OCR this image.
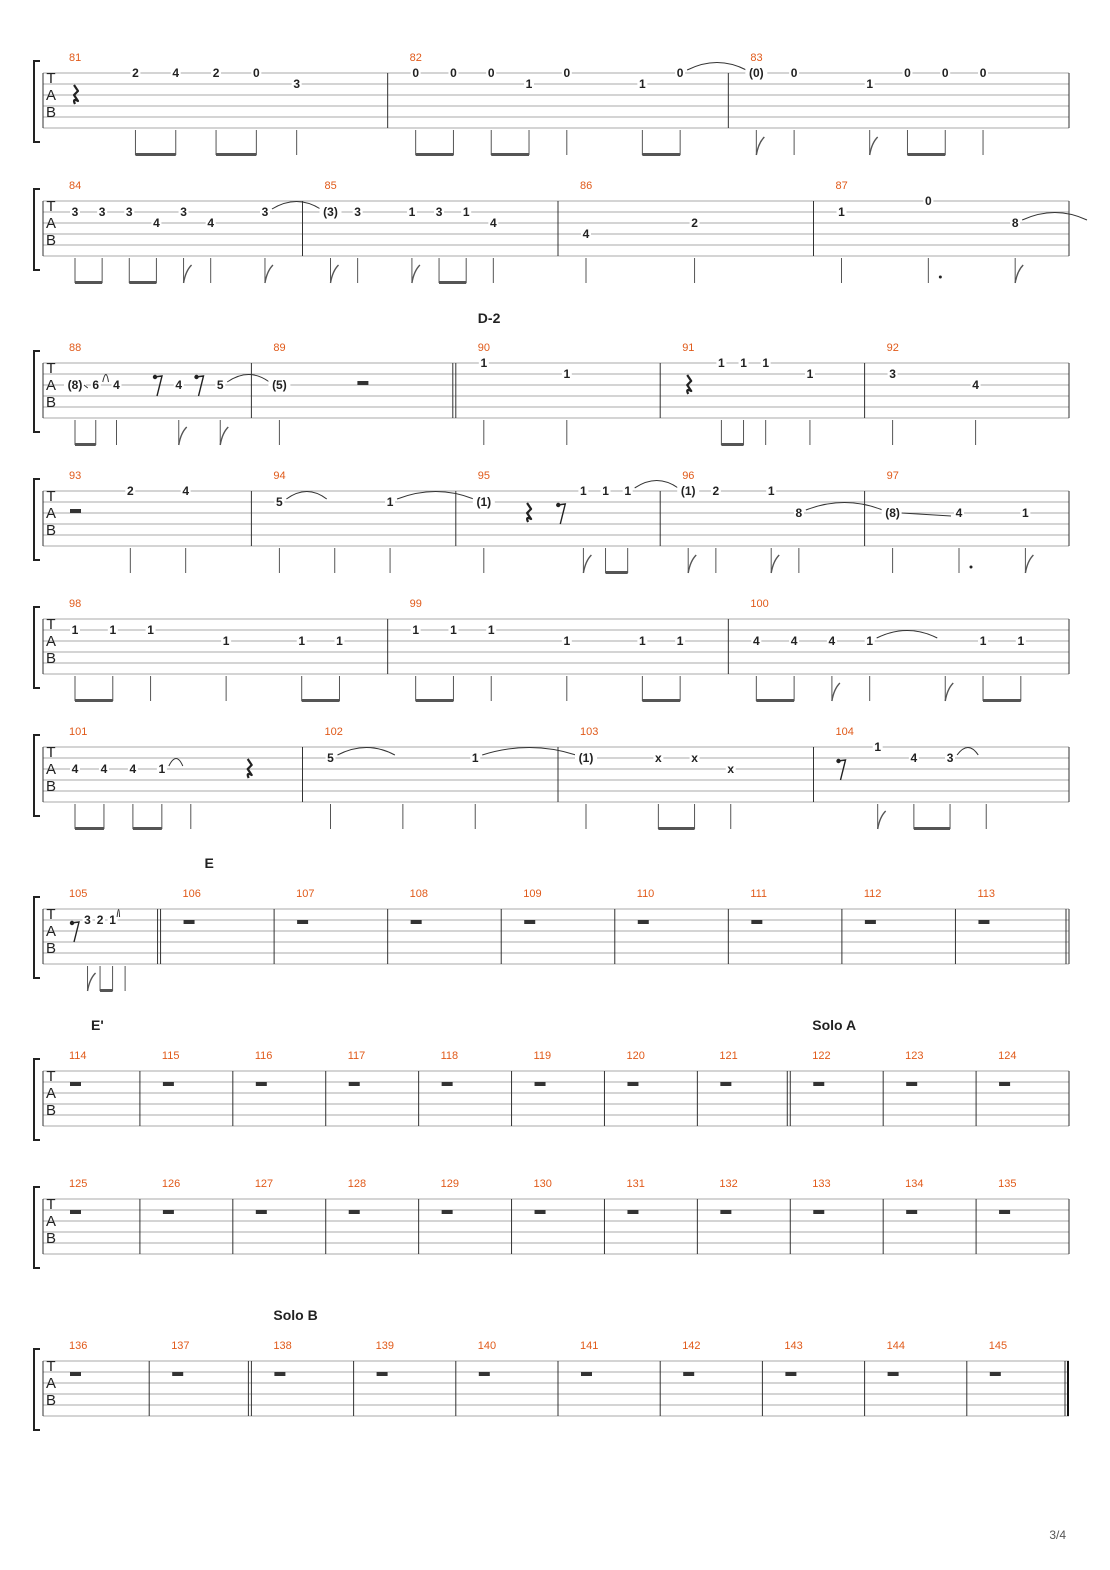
T
A
B
81
2	4	2	0
3
82
0	0	0
1
0
1
0
83
(0) 0
1
0	0	0
T
A
B
84
3 3 3
4
3
4
3
85
(3) 3	1 3 1
4
86
4
2
87
1
0
8
T
A
B
88
(8) 6 4	4	5
89
(5)
90
1
1
91
1 1 1
1
92
3
4
D-2
T
A
B
93
2	4
94
5	1
95
(1)
1 1 1
96
(1) 2	1
8
97
(8)	4	1
T
A
B
98
1	1	1
1	1	1
99
1	1	1
1	1	1
100
4	4	4	1	1	1
T
A
B
101
4 4 4 1
102
5	1
103
(1)	x x
x
104
1
4 3
T
A
B
105
3 2 1
106	107	108	109	110	111	112	113
E
T
A
B
114	115	116	117	118	119	120	121	122	123	124
E'	Solo A
T
A
B
125	126	127	128	129	130	131	132	133	134	135
T
A
B
136	137	138	139	140	141	142	143	144	145
Solo B
3/4
